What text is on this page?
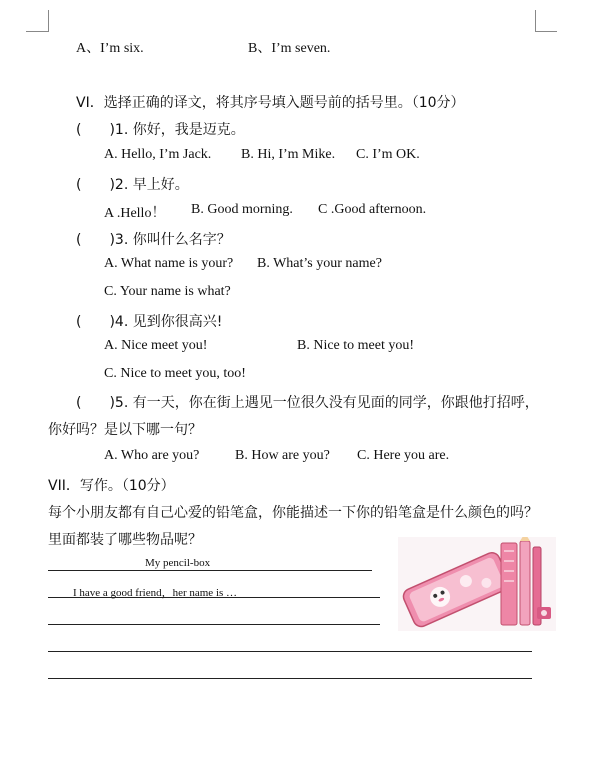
A、I’m six.	B、I’m seven.
VI．选择正确的译文，将其序号填入题号前的括号里。（10分）
(　　)1. 你好，我是迈克。
A. Hello, I’m Jack. B. Hi, I’m Mike. C. I’m OK.
(　　)2. 早上好。
A .Hello！ B. Good morning. C .Good afternoon.
(　　)3. 你叫什么名字？
A. What name is your? B. What’s your name?
C. Your name is what?
(　　)4. 见到你很高兴!
A. Nice meet you!	B. Nice to meet you!
C. Nice to meet you, too!
(　　)5. 有一天，你在街上遇见一位很久没有见面的同学，你跟他打招呼，
你好吗？是以下哪一句？
A. Who are you?	B. How are you? C. Here you are.
VII．写作。（10分）
每个小朋友都有自己心爱的铅笔盒，你能描述一下你的铅笔盒是什么颜色的吗？
里面都装了哪些物品呢？
My pencil-box
I have a good friend，her name is …
